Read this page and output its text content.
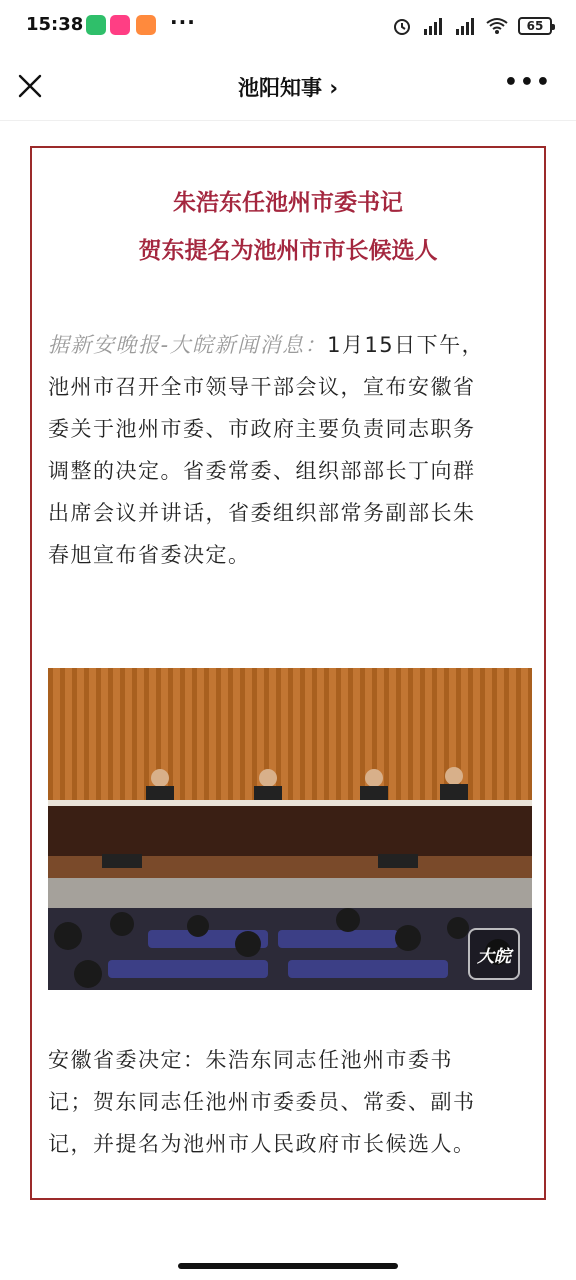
15:38	···	65
池阳知事 ›	•••
朱浩东任池州市委书记
贺东提名为池州市市长候选人
据新安晚报-大皖新闻消息：1月15日下午，
池州市召开全市领导干部会议，宣布安徽省
委关于池州市委、市政府主要负责同志职务
调整的决定。省委常委、组织部部长丁向群
出席会议并讲话，省委组织部常务副部长朱
春旭宣布省委决定。
大皖
安徽省委决定：朱浩东同志任池州市委书
记；贺东同志任池州市委委员、常委、副书
记，并提名为池州市人民政府市长候选人。
